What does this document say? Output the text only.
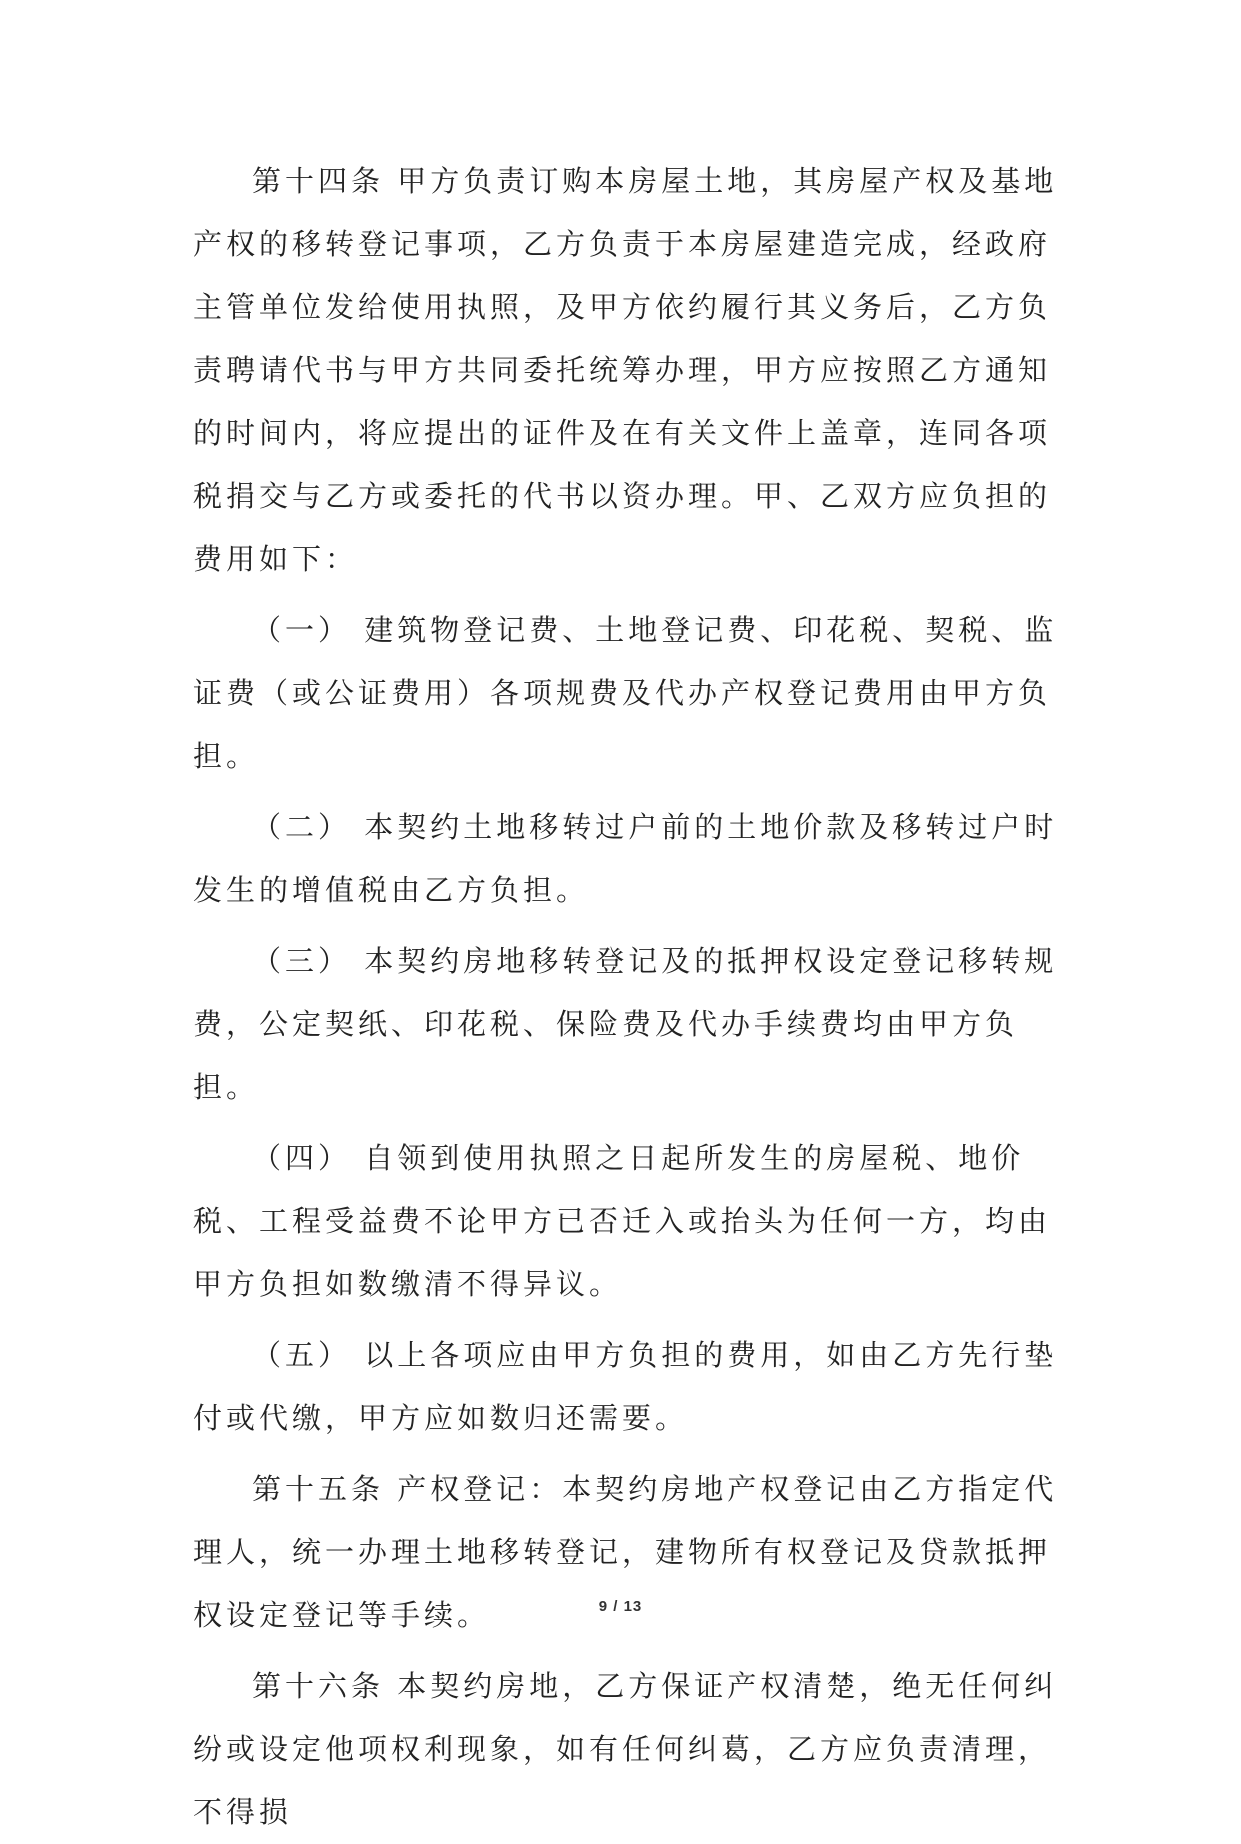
第十四条 甲方负责订购本房屋土地，其房屋产权及基地产权的移转登记事项，乙方负责于本房屋建造完成，经政府主管单位发给使用执照，及甲方依约履行其义务后，乙方负责聘请代书与甲方共同委托统筹办理，甲方应按照乙方通知的时间内，将应提出的证件及在有关文件上盖章，连同各项税捐交与乙方或委托的代书以资办理。甲、乙双方应负担的费用如下：

（一） 建筑物登记费、土地登记费、印花税、契税、监证费（或公证费用）各项规费及代办产权登记费用由甲方负担。

（二） 本契约土地移转过户前的土地价款及移转过户时发生的增值税由乙方负担。

（三） 本契约房地移转登记及的抵押权设定登记移转规费，公定契纸、印花税、保险费及代办手续费均由甲方负担。

（四） 自领到使用执照之日起所发生的房屋税、地价税、工程受益费不论甲方已否迁入或抬头为任何一方，均由甲方负担如数缴清不得异议。

（五） 以上各项应由甲方负担的费用，如由乙方先行垫付或代缴，甲方应如数归还需要。

第十五条 产权登记：本契约房地产权登记由乙方指定代理人，统一办理土地移转登记，建物所有权登记及贷款抵押权设定登记等手续。

第十六条 本契约房地，乙方保证产权清楚，绝无任何纠纷或设定他项权利现象，如有任何纠葛，乙方应负责清理，不得损

9 / 13
